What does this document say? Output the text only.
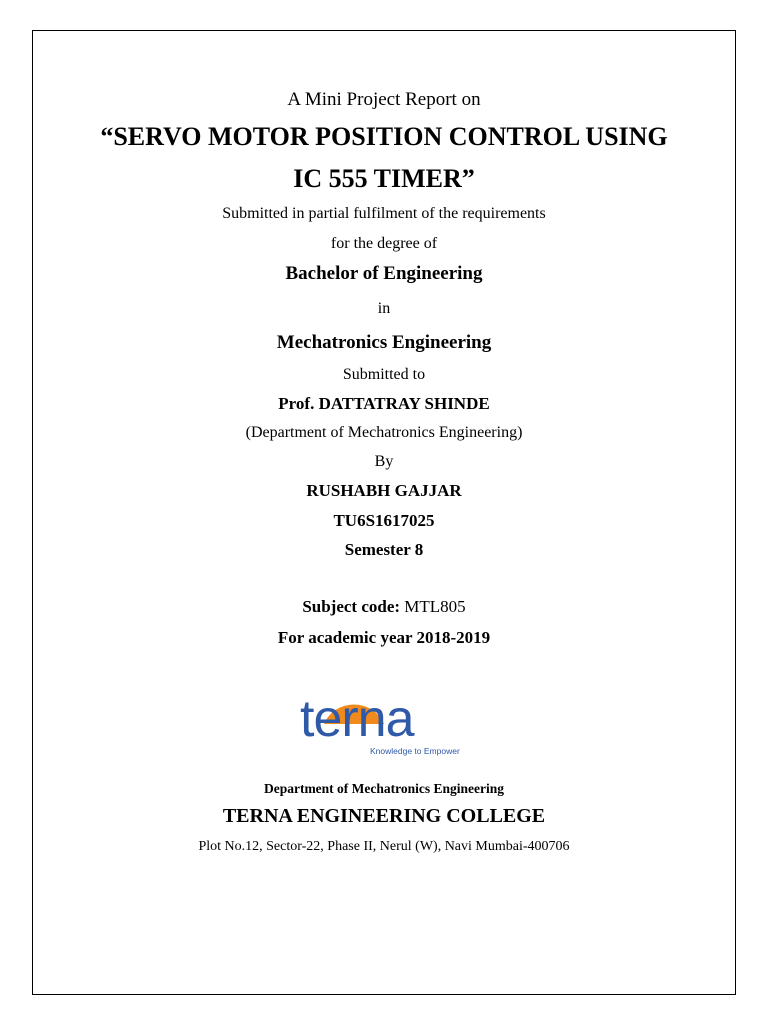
A Mini Project Report on
“SERVO MOTOR POSITION CONTROL USING
IC 555 TIMER”
Submitted in partial fulfilment of the requirements
for the degree of
Bachelor of Engineering
in
Mechatronics Engineering
Submitted to
Prof. DATTATRAY SHINDE
(Department of Mechatronics Engineering)
By
RUSHABH GAJJAR
TU6S1617025
Semester 8
Subject code: MTL805
For academic year 2018-2019
terna
Knowledge to Empower
Department of Mechatronics Engineering
TERNA ENGINEERING COLLEGE
Plot No.12, Sector-22, Phase II, Nerul (W), Navi Mumbai-400706
